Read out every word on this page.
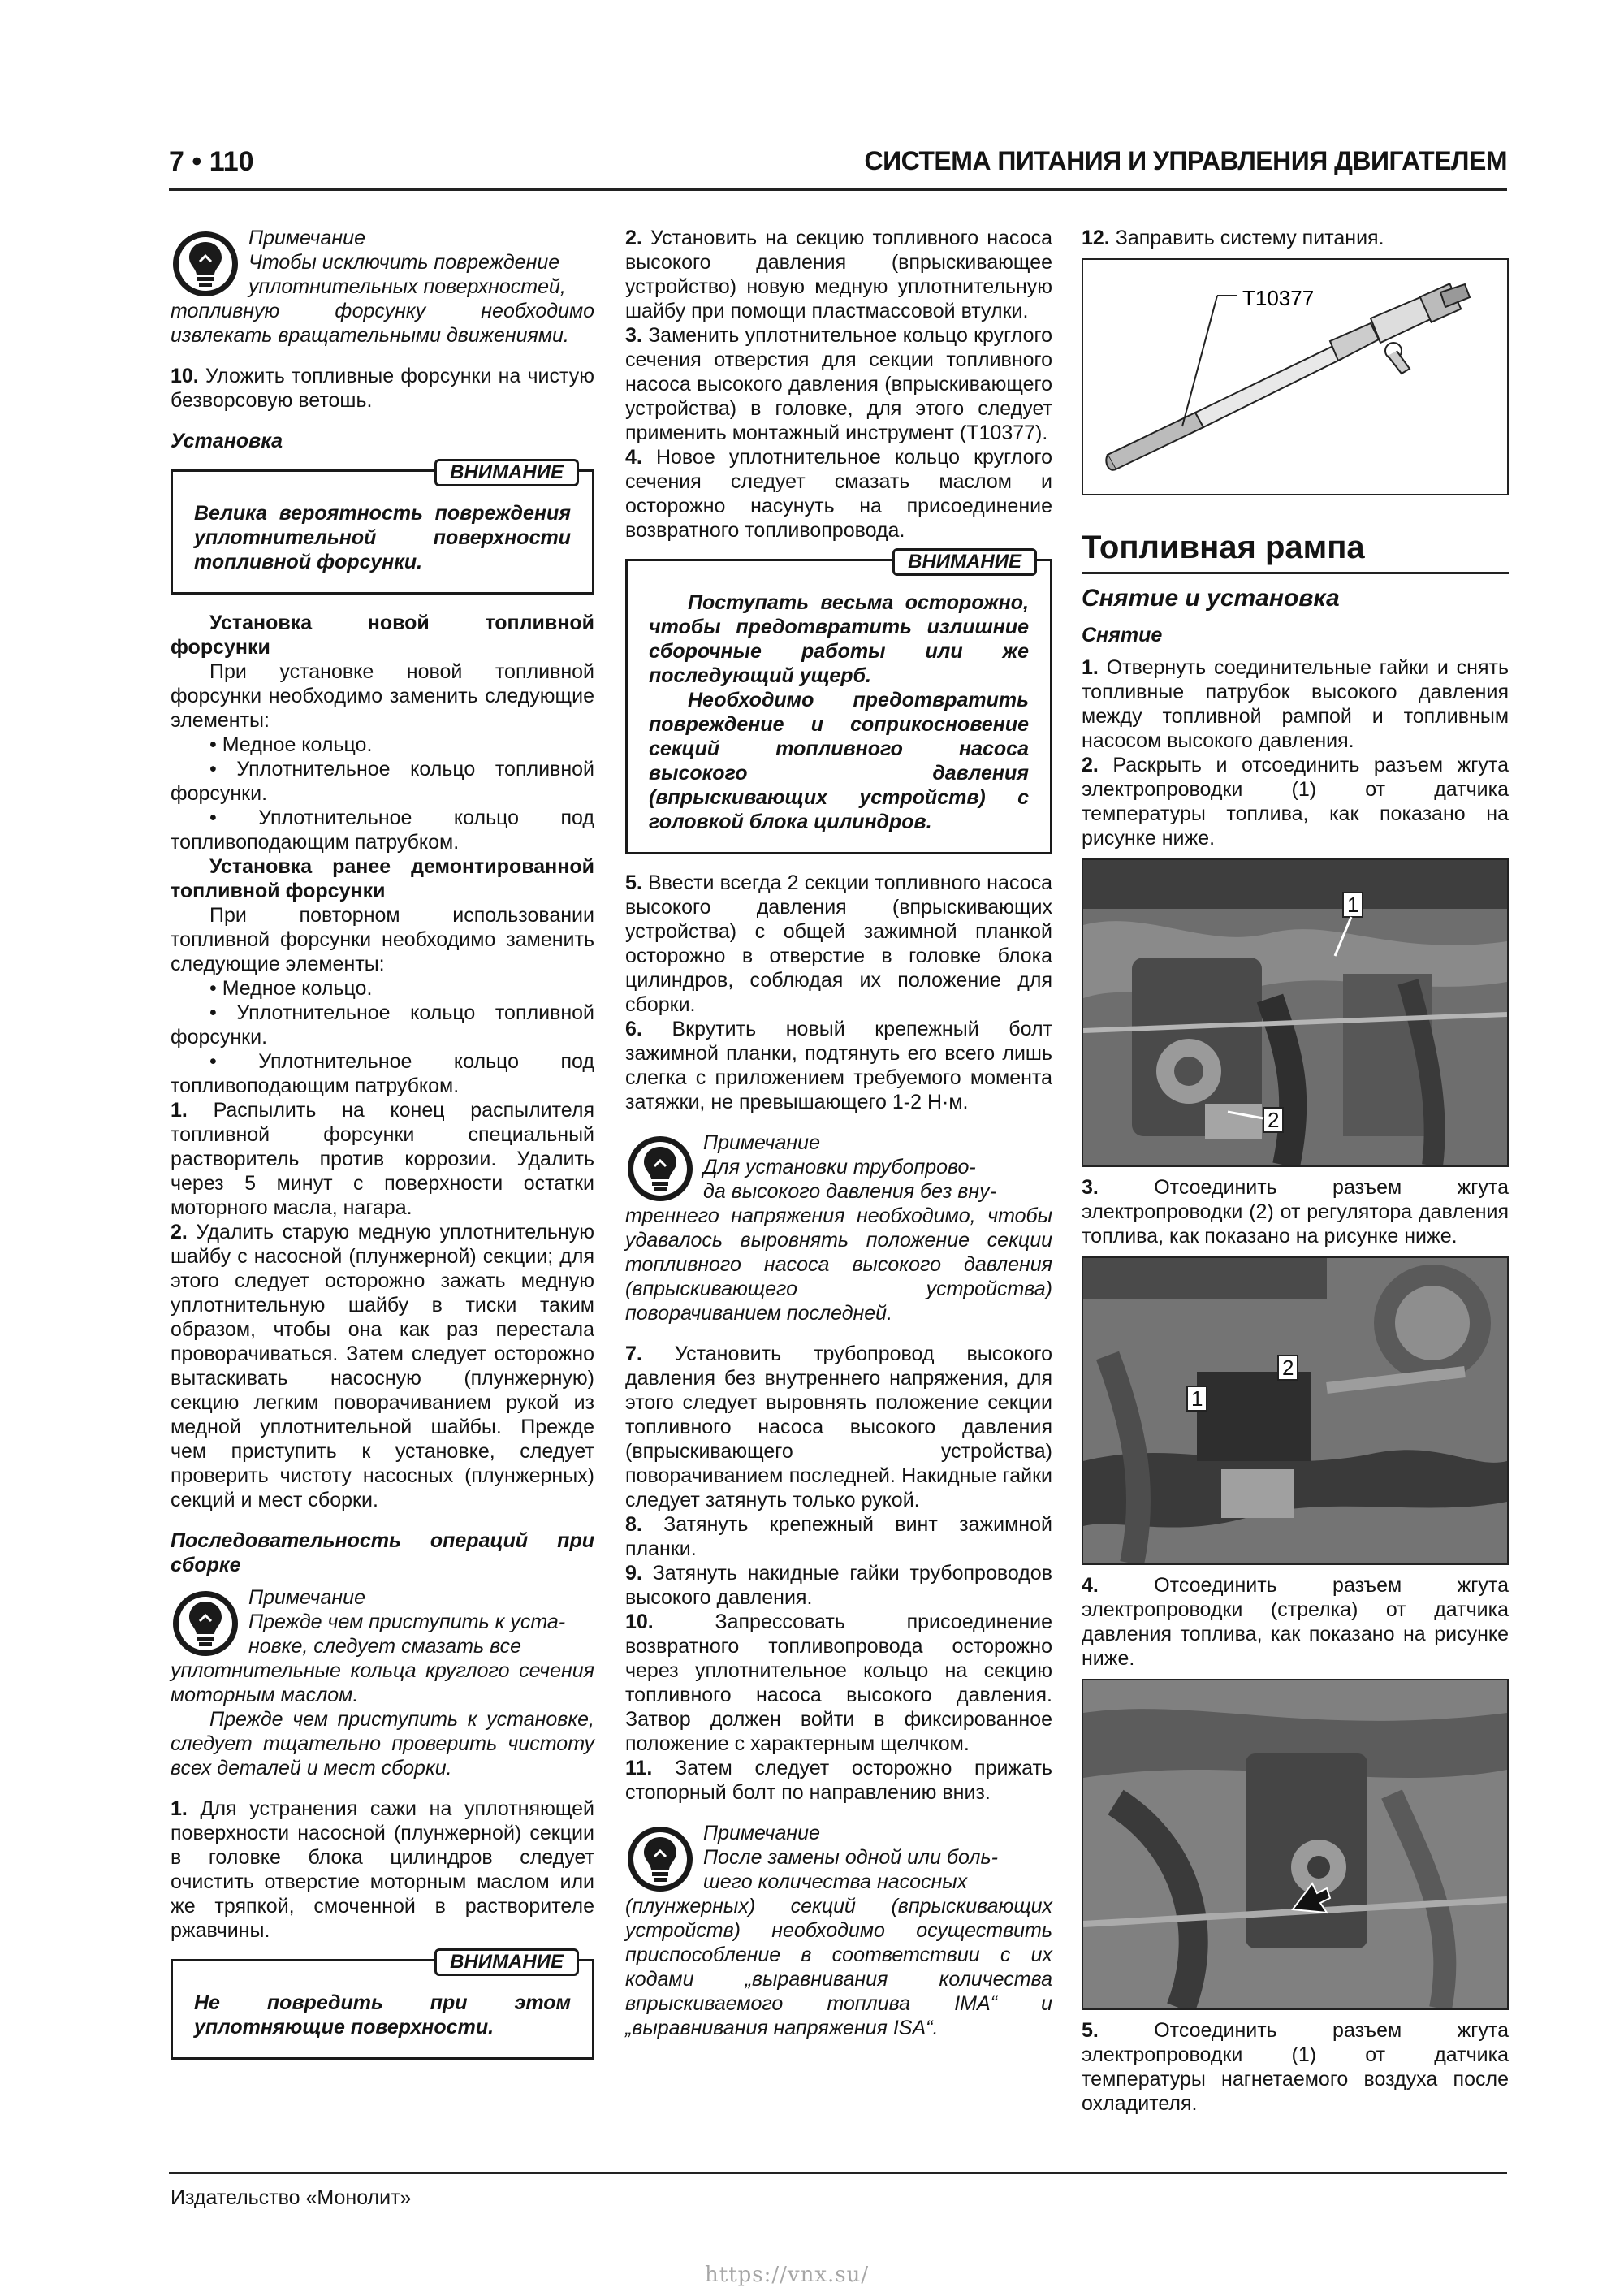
7 • 110	СИСТЕМА ПИТАНИЯ И УПРАВЛЕНИЯ ДВИГАТЕЛЕМ

Примечание

Чтобы исключить повреждение

уплотнительных поверхностей,

топливную форсунку необходимо извлекать вращательными движениями.

10. Уложить топливные форсунки на чистую безворсовую ветошь.

Установка

ВНИМАНИЕ

Велика вероятность повреждения уплотнительной поверхности топливной форсунки.

Установка новой топливной форсунки

При установке новой топливной форсунки необходимо заменить следующие элементы:

• Медное кольцо.

• Уплотнительное кольцо топливной форсунки.

• Уплотнительное кольцо под топливоподающим патрубком.

Установка ранее демонтированной топливной форсунки

При повторном использовании топливной форсунки необходимо заменить следующие элементы:

• Медное кольцо.

• Уплотнительное кольцо топливной форсунки.

• Уплотнительное кольцо под топливоподающим патрубком.

1. Распылить на конец распылителя топливной форсунки специальный растворитель против коррозии. Удалить через 5 минут с поверхности остатки моторного масла, нагара.

2. Удалить старую медную уплотнительную шайбу с насосной (плунжерной) секции; для этого следует осторожно зажать медную уплотнительную шайбу в тиски таким образом, чтобы она как раз перестала проворачиваться. Затем следует осторожно вытаскивать насосную (плунжерную) секцию легким поворачиванием рукой из медной уплотнительной шайбы. Прежде чем приступить к установке, следует проверить чистоту насосных (плунжерных) секций и мест сборки.

Последовательность операций при сборке

Примечание

Прежде чем приступить к уста-

новке, следует смазать все

уплотнительные кольца круглого сечения моторным маслом.

Прежде чем приступить к установке, следует тщательно проверить чистоту всех деталей и мест сборки.

1. Для устранения сажи на уплотняющей поверхности насосной (плунжерной) секции в головке блока цилиндров следует очистить отверстие моторным маслом или же тряпкой, смоченной в растворителе ржавчины.

ВНИМАНИЕ

Не повредить при этом уплотняющие поверхности.

2. Установить на секцию топливного насоса высокого давления (впрыскивающее устройство) новую медную уплотнительную шайбу при помощи пластмассовой втулки.

3. Заменить уплотнительное кольцо круглого сечения отверстия для секции топливного насоса высокого давления (впрыскивающего устройства) в головке, для этого следует применить монтажный инструмент (T10377).

4. Новое уплотнительное кольцо круглого сечения следует смазать маслом и осторожно насунуть на присоединение возвратного топливопровода.

ВНИМАНИЕ

Поступать весьма осторожно, чтобы предотвратить излишние сборочные работы или же последующий ущерб.

Необходимо предотвратить повреждение и соприкосновение секций топливного насоса высокого давления (впрыскивающих устройств) с головкой блока цилиндров.

5. Ввести всегда 2 секции топливного насоса высокого давления (впрыскивающих устройства) с общей зажимной планкой осторожно в отверстие в головке блока цилиндров, соблюдая их положение для сборки.

6. Вкрутить новый крепежный болт зажимной планки, подтянуть его всего лишь слегка с приложением требуемого момента затяжки, не превышающего 1-2 Н·м.

Примечание

Для установки трубопрово-

да высокого давления без вну-

треннего напряжения необходимо, чтобы удавалось выровнять положение секции топливного насоса высокого давления (впрыскивающего устройства) поворачиванием последней.

7. Установить трубопровод высокого давления без внутреннего напряжения, для этого следует выровнять положение секции топливного насоса высокого давления (впрыскивающего устройства) поворачиванием последней. Накидные гайки следует затянуть только рукой.

8. Затянуть крепежный винт зажимной планки.

9. Затянуть накидные гайки трубопроводов высокого давления.

10.	Запрессовать присоединение возвратного топливопровода осторожно через уплотнительное кольцо на секцию топливного насоса высокого давления. Затвор должен войти в фиксированное положение с характерным щелчком.

11. Затем следует осторожно прижать стопорный болт по направлению вниз.

Примечание

После замены одной или боль-

шего количества насосных

(плунжерных) секций (впрыскивающих устройств) необходимо осуществить приспособление в соответствии с их кодами „выравнивания количества впрыскиваемого топлива IMA“ и „выравнивания напряжения ISA“.

12. Заправить систему питания.

T10377

Топливная рампа

Снятие и установка

Снятие

1. Отвернуть соединительные гайки и снять топливные патрубок высокого давления между топливной рампой и топливным насосом высокого давления.

2. Раскрыть и отсоединить разъем жгута электропроводки (1) от датчика температуры топлива, как показано на рисунке ниже.

1
2

3.	Отсоединить разъем жгута электропроводки (2) от регулятора давления топлива, как показано на рисунке ниже.

1
2

4.	Отсоединить разъем жгута электропроводки (стрелка) от датчика давления топлива, как показано на рисунке ниже.

5.	Отсоединить разъем жгута электропроводки (1) от датчика температуры нагнетаемого воздуха после охладителя.

Издательство «Монолит»
https://vnx.su/
